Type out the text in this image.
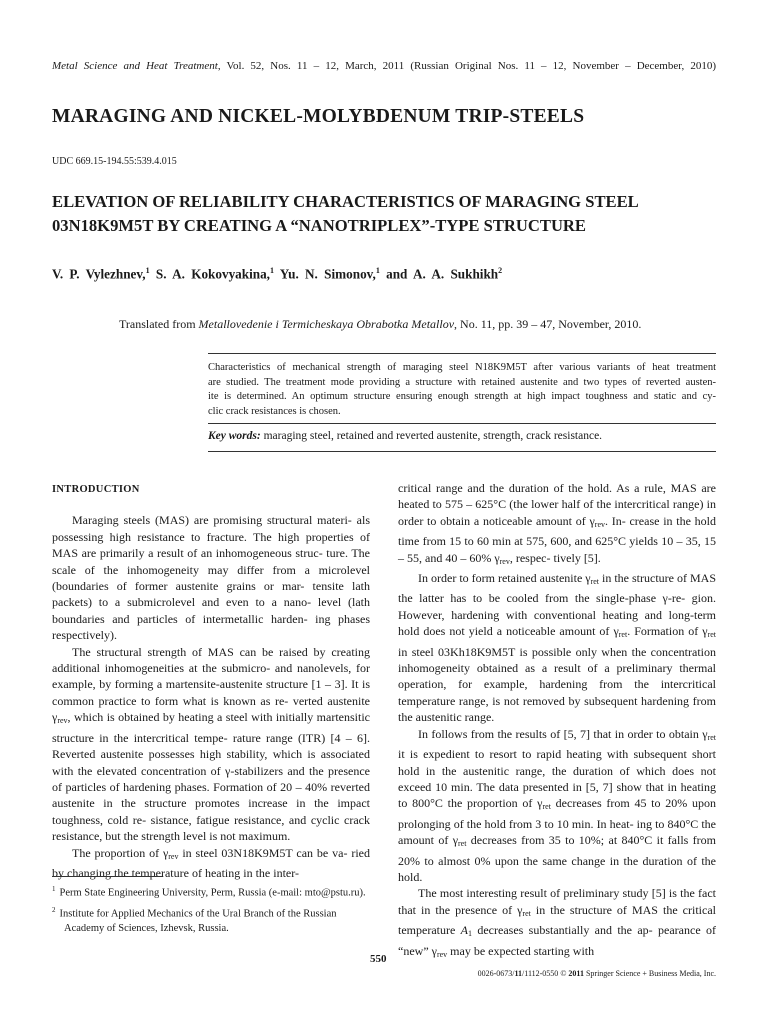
Metal Science and Heat Treatment, Vol. 52, Nos. 11 – 12, March, 2011 (Russian Original Nos. 11 – 12, November – December, 2010)
MARAGING AND NICKEL-MOLYBDENUM TRIP-STEELS
UDC 669.15-194.55:539.4.015
ELEVATION OF RELIABILITY CHARACTERISTICS OF MARAGING STEEL
03N18K9M5T BY CREATING A “NANOTRIPLEX”-TYPE STRUCTURE
V. P. Vylezhnev,$^1$ S. A. Kokovyakina,$^1$ Yu. N. Simonov,$^1$ and A. A. Sukhikh$^2$
Translated from Metallovedenie i Termicheskaya Obrabotka Metallov, No. 11, pp. 39 – 47, November, 2010.
Characteristics of mechanical strength of maraging steel N18K9M5T after various variants of heat treatment
are studied. The treatment mode providing a structure with retained austenite and two types of reverted austen-
ite is determined. An optimum structure ensuring enough strength at high impact toughness and static and cy-
clic crack resistances is chosen.
Key words: maraging steel, retained and reverted austenite, strength, crack resistance.

INTRODUCTION

Maraging steels (MAS) are promising structural materi- als possessing high resistance to fracture. The high properties of MAS are primarily a result of an inhomogeneous struc- ture. The scale of the inhomogeneity may differ from a microlevel (boundaries of former austenite grains or mar- tensite lath packets) to a submicrolevel and even to a nano- level (lath boundaries and particles of intermetallic harden- ing phases respectively).

The structural strength of MAS can be raised by creating additional inhomogeneities at the submicro- and nanolevels, for example, by forming a martensite-austenite structure [1 – 3]. It is common practice to form what is known as re- verted austenite $\gamma_{rev}$, which is obtained by heating a steel with initially martensitic structure in the intercritical tempe- rature range (ITR) [4 – 6]. Reverted austenite possesses high stability, which is associated with the elevated concentration of γ-stabilizers and the presence of particles of hardening phases. Formation of 20 – 40% reverted austenite in the structure promotes increase in the impact toughness, cold re- sistance, fatigue resistance, and cyclic crack resistance, but the strength level is not maximum.

The proportion of $\gamma_{rev}$ in steel 03N18K9M5T can be va- ried by changing the temperature of heating in the inter-

critical range and the duration of the hold. As a rule, MAS are heated to 575 – 625°C (the lower half of the intercritical range) in order to obtain a noticeable amount of $\gamma_{rev}$. In- crease in the hold time from 15 to 60 min at 575, 600, and 625°C yields 10 – 35, 15 – 55, and 40 – 60% $\gamma_{rev}$, respec- tively [5].

In order to form retained austenite $\gamma_{ret}$ in the structure of MAS the latter has to be cooled from the single-phase γ-re- gion. However, hardening with conventional heating and long-term hold does not yield a noticeable amount of $\gamma_{ret}$. Formation of $\gamma_{ret}$ in steel 03Kh18K9M5T is possible only when the concentration inhomogeneity obtained as a result of a preliminary thermal operation, for example, hardening from the intercritical temperature range, is not removed by subsequent hardening from the austenitic range.

In follows from the results of [5, 7] that in order to obtain $\gamma_{ret}$ it is expedient to resort to rapid heating with subsequent short hold in the austenitic range, the duration of which does not exceed 10 min. The data presented in [5, 7] show that in heating to 800°C the proportion of $\gamma_{ret}$ decreases from 45 to 20% upon prolonging of the hold from 3 to 10 min. In heat- ing to 840°C the amount of $\gamma_{ret}$ decreases from 35 to 10%; at 840°C it falls from 20% to almost 0% upon the same change in the duration of the hold.

The most interesting result of preliminary study [5] is the fact that in the presence of $\gamma_{ret}$ in the structure of MAS the critical temperature $A_1$ decreases substantially and the ap- pearance of “new” $\gamma_{rev}$ may be expected starting with

$^1$ Perm State Engineering University, Perm, Russia (e-mail: mto@pstu.ru).

$^2$ Institute for Applied Mechanics of the Ural Branch of the Russian Academy of Sciences, Izhevsk, Russia.

550
0026-0673/11/1112-0550 © 2011 Springer Science + Business Media, Inc.
